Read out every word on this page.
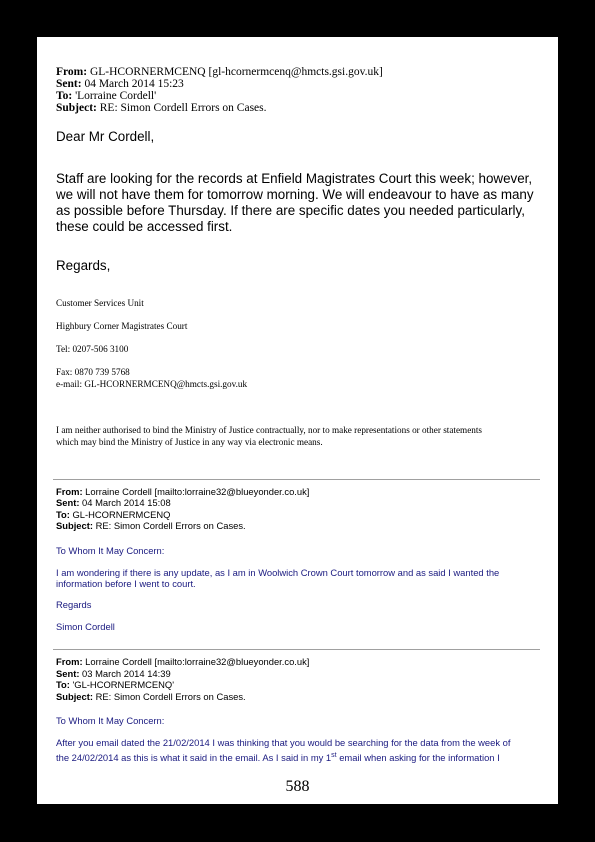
From: GL-HCORNERMCENQ [gl-hcornermcenq@hmcts.gsi.gov.uk]
Sent: 04 March 2014 15:23
To: 'Lorraine Cordell'
Subject: RE: Simon Cordell Errors on Cases.
Dear Mr Cordell,
Staff are looking for the records at Enfield Magistrates Court this week; however,
we will not have them for tomorrow morning. We will endeavour to have as many
as possible before Thursday. If there are specific dates you needed particularly,
these could be accessed first.
Regards,
Customer Services Unit
Highbury Corner Magistrates Court
Tel: 0207-506 3100
Fax: 0870 739 5768
e-mail: GL-HCORNERMCENQ@hmcts.gsi.gov.uk
I am neither authorised to bind the Ministry of Justice contractually, nor to make representations or other statements
which may bind the Ministry of Justice in any way via electronic means.
From: Lorraine Cordell [mailto:lorraine32@blueyonder.co.uk]
Sent: 04 March 2014 15:08
To: GL-HCORNERMCENQ
Subject: RE: Simon Cordell Errors on Cases.
To Whom It May Concern:
I am wondering if there is any update, as I am in Woolwich Crown Court tomorrow and as said I wanted the
information before I went to court.
Regards
Simon Cordell
From: Lorraine Cordell [mailto:lorraine32@blueyonder.co.uk]
Sent: 03 March 2014 14:39
To: 'GL-HCORNERMCENQ'
Subject: RE: Simon Cordell Errors on Cases.
To Whom It May Concern:
After you email dated the 21/02/2014 I was thinking that you would be searching for the data from the week of
the 24/02/2014 as this is what it said in the email. As I said in my 1st email when asking for the information I
588
